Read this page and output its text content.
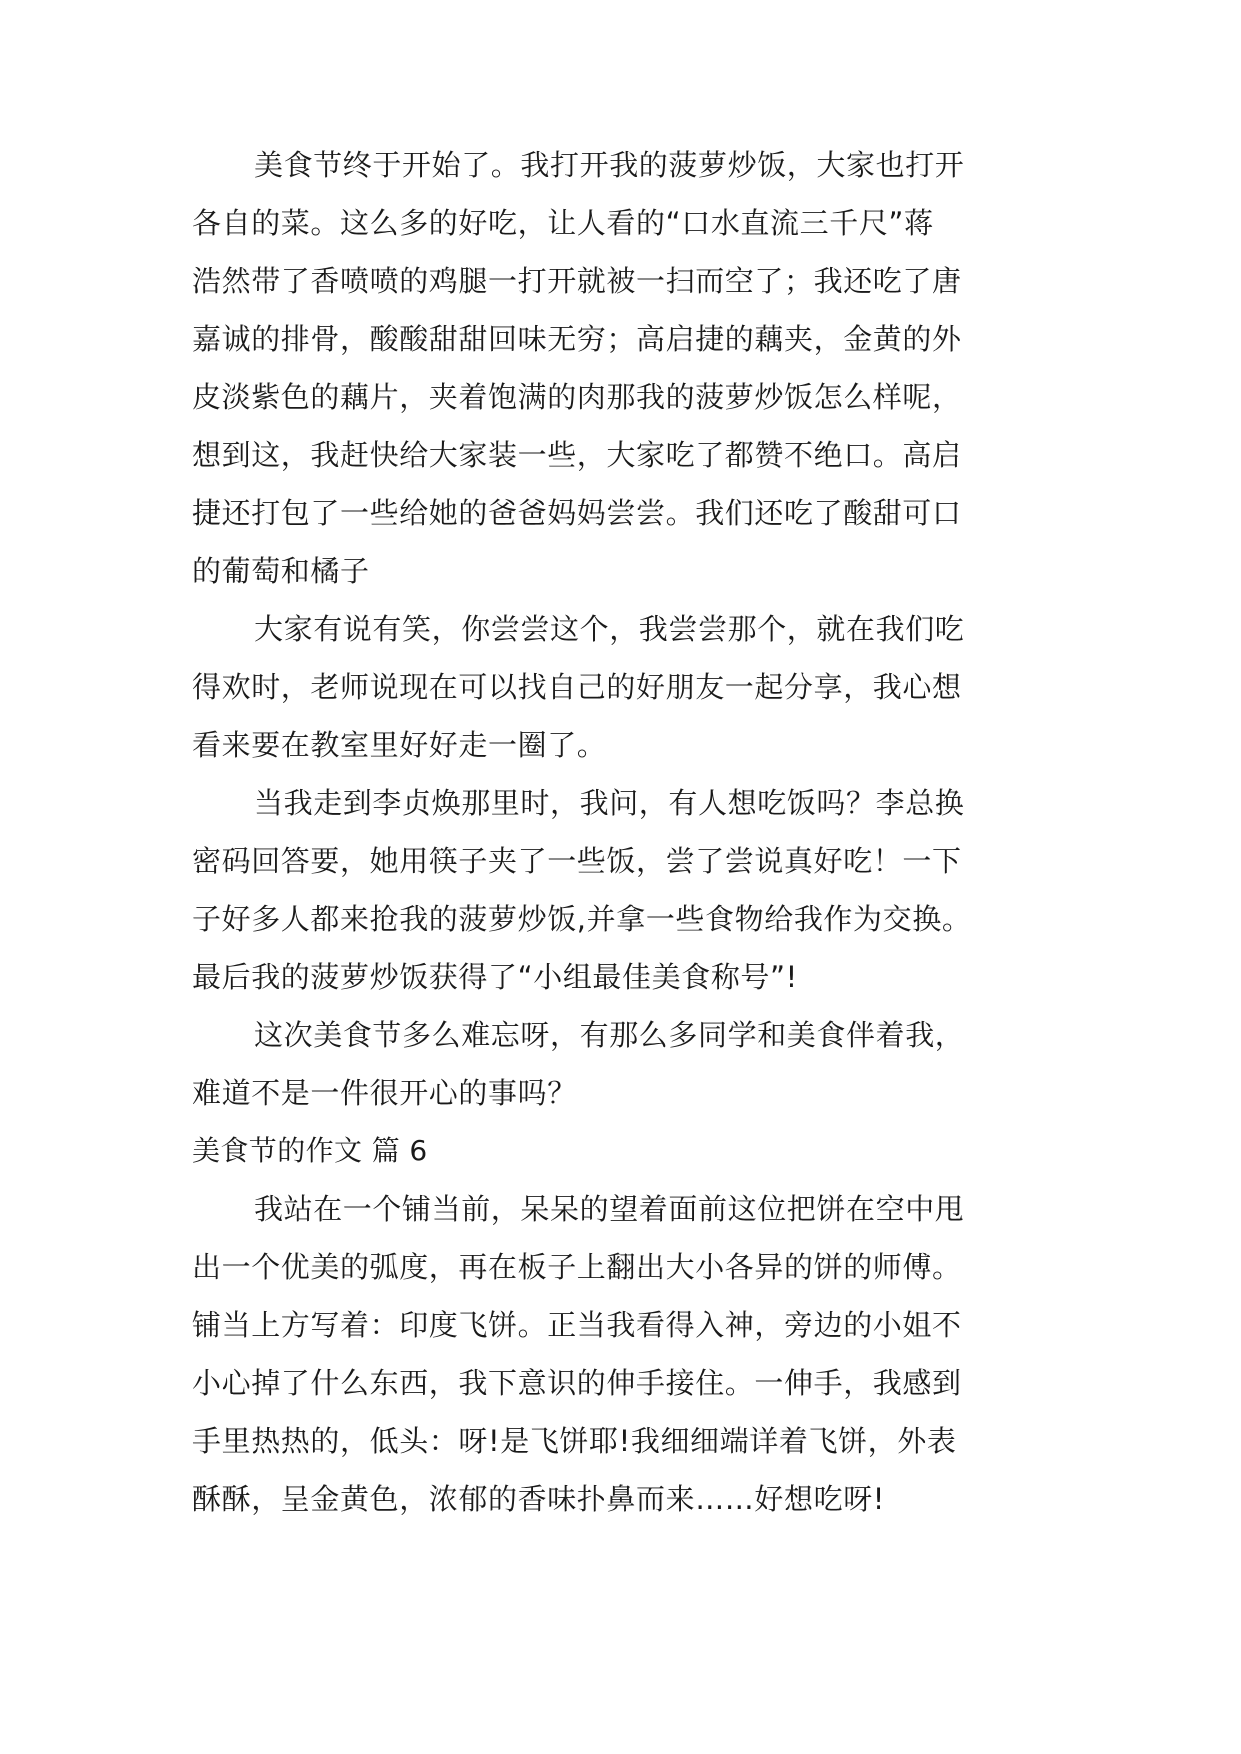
美食节终于开始了。我打开我的菠萝炒饭，大家也打开
各自的菜。这么多的好吃，让人看的“口水直流三千尺”蒋
浩然带了香喷喷的鸡腿一打开就被一扫而空了；我还吃了唐
嘉诚的排骨，酸酸甜甜回味无穷；高启捷的藕夹，金黄的外
皮淡紫色的藕片，夹着饱满的肉那我的菠萝炒饭怎么样呢，
想到这，我赶快给大家装一些，大家吃了都赞不绝口。高启
捷还打包了一些给她的爸爸妈妈尝尝。我们还吃了酸甜可口
的葡萄和橘子
大家有说有笑，你尝尝这个，我尝尝那个，就在我们吃
得欢时，老师说现在可以找自己的好朋友一起分享，我心想
看来要在教室里好好走一圈了。
当我走到李贞焕那里时，我问，有人想吃饭吗？李总换
密码回答要，她用筷子夹了一些饭，尝了尝说真好吃！一下
子好多人都来抢我的菠萝炒饭,并拿一些食物给我作为交换。
最后我的菠萝炒饭获得了“小组最佳美食称号”!
这次美食节多么难忘呀，有那么多同学和美食伴着我，
难道不是一件很开心的事吗？
美食节的作文 篇 6
我站在一个铺当前，呆呆的望着面前这位把饼在空中甩
出一个优美的弧度，再在板子上翻出大小各异的饼的师傅。
铺当上方写着：印度飞饼。正当我看得入神，旁边的小姐不
小心掉了什么东西，我下意识的伸手接住。一伸手，我感到
手里热热的，低头：呀!是飞饼耶!我细细端详着飞饼，外表
酥酥，呈金黄色，浓郁的香味扑鼻而来……好想吃呀!
